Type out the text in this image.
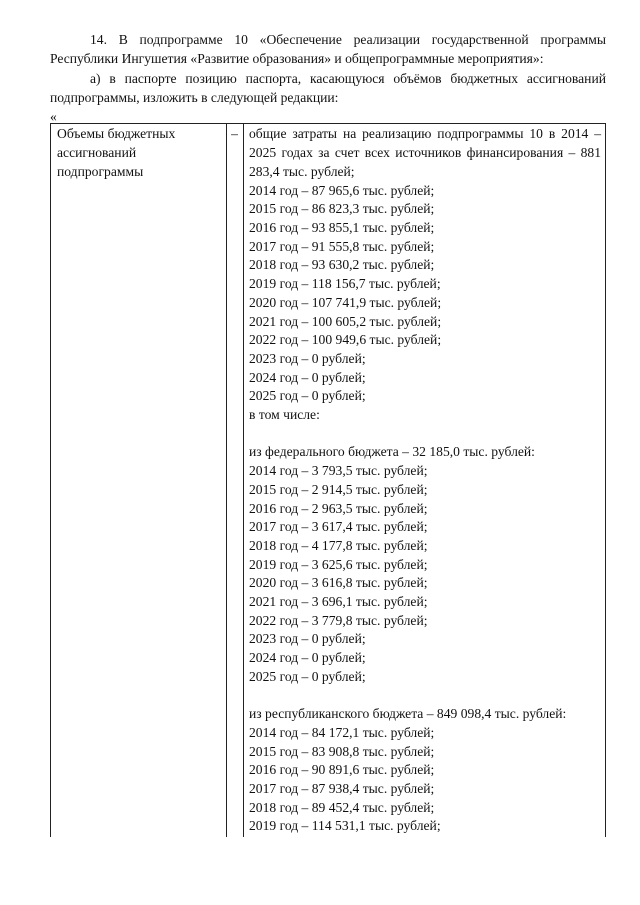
14. В подпрограмме 10 «Обеспечение реализации государственной программы Республики Ингушетия «Развитие образования» и общепрограммные мероприятия»:

а) в паспорте позицию паспорта, касающуюся объёмов бюджетных ассигнований подпрограммы, изложить в следующей редакции:

«
Объемы бюджетных
ассигнований
подпрограммы
– общие затраты на реализацию подпрограммы 10 в 2014 – 2025 годах за счет всех источников финансирования – 881 283,4 тыс. рублей;

2014 год – 87 965,6 тыс. рублей;
2015 год – 86 823,3 тыс. рублей;
2016 год – 93 855,1 тыс. рублей;
2017 год – 91 555,8 тыс. рублей;
2018 год – 93 630,2 тыс. рублей;
2019 год – 118 156,7 тыс. рублей;
2020 год – 107 741,9 тыс. рублей;
2021 год – 100 605,2 тыс. рублей;
2022 год – 100 949,6 тыс. рублей;
2023 год – 0 рублей;
2024 год – 0 рублей;
2025 год – 0 рублей;
в том числе:
из федерального бюджета – 32 185,0 тыс. рублей:
2014 год – 3 793,5 тыс. рублей;
2015 год – 2 914,5 тыс. рублей;
2016 год – 2 963,5 тыс. рублей;
2017 год – 3 617,4 тыс. рублей;
2018 год – 4 177,8 тыс. рублей;
2019 год – 3 625,6 тыс. рублей;
2020 год – 3 616,8 тыс. рублей;
2021 год – 3 696,1 тыс. рублей;
2022 год – 3 779,8 тыс. рублей;
2023 год – 0 рублей;
2024 год – 0 рублей;
2025 год – 0 рублей;
из республиканского бюджета – 849 098,4 тыс. рублей:
2014 год – 84 172,1 тыс. рублей;
2015 год – 83 908,8 тыс. рублей;
2016 год – 90 891,6 тыс. рублей;
2017 год – 87 938,4 тыс. рублей;
2018 год – 89 452,4 тыс. рублей;
2019 год – 114 531,1 тыс. рублей;
